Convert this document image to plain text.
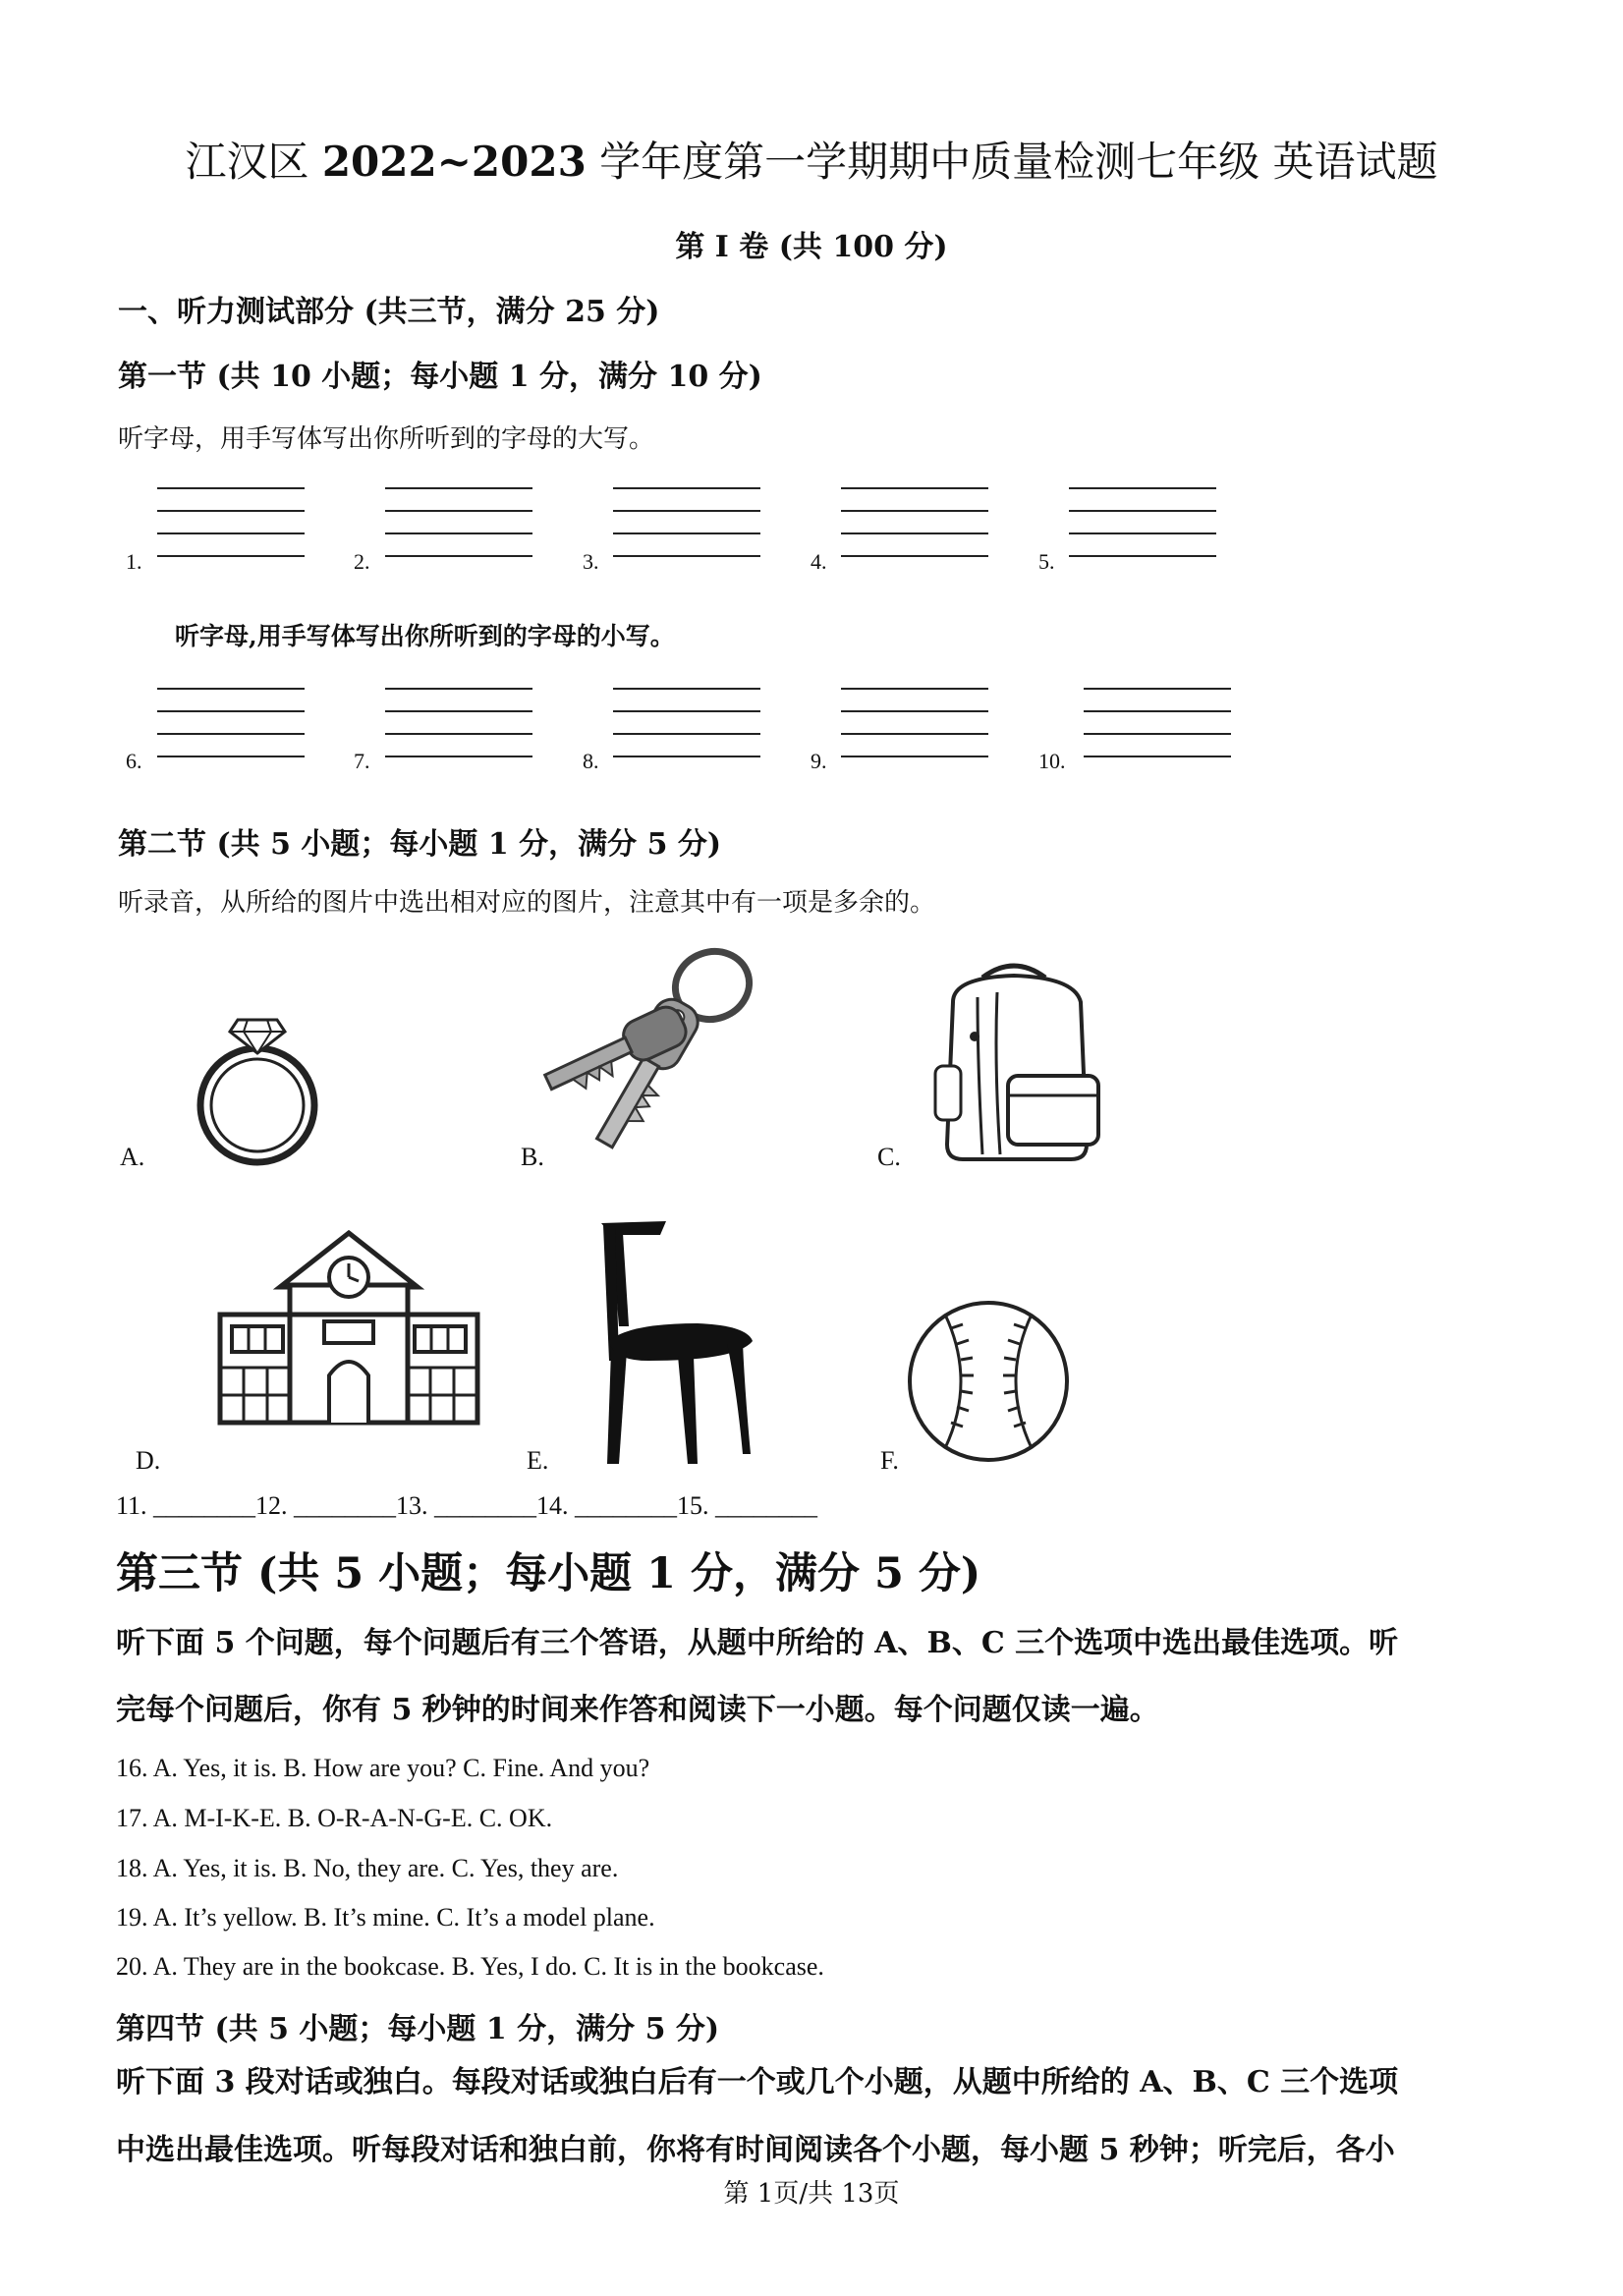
江汉区 2022~2023 学年度第一学期期中质量检测七年级 英语试题
第 I 卷 (共 100 分)
一、听力测试部分 (共三节，满分 25 分)
第一节 (共 10 小题；每小题 1 分，满分 10 分)
听字母，用手写体写出你所听到的字母的大写。
1.	2.	3.	4.	5.
听字母,用手写体写出你所听到的字母的小写。
6.	7.	8.	9.	10.
第二节 (共 5 小题；每小题 1 分，满分 5 分)
听录音，从所给的图片中选出相对应的图片，注意其中有一项是多余的。
A.	B.	C.
D.	E.	F.
11. ________12. ________13. ________14. ________15. ________
第三节 (共 5 小题；每小题 1 分，满分 5 分)
听下面 5 个问题，每个问题后有三个答语，从题中所给的 A、B、C 三个选项中选出最佳选项。听
完每个问题后，你有 5 秒钟的时间来作答和阅读下一小题。每个问题仅读一遍。
16. A. Yes, it is. B. How are you? C. Fine. And you?
17. A. M-I-K-E. B. O-R-A-N-G-E. C. OK.
18. A. Yes, it is. B. No, they are. C. Yes, they are.
19. A. It’s yellow. B. It’s mine. C. It’s a model plane.
20. A. They are in the bookcase. B. Yes, I do. C. It is in the bookcase.
第四节 (共 5 小题；每小题 1 分，满分 5 分)
听下面 3 段对话或独白。每段对话或独白后有一个或几个小题，从题中所给的 A、B、C 三个选项
中选出最佳选项。听每段对话和独白前，你将有时间阅读各个小题，每小题 5 秒钟；听完后，各小
第 1页/共 13页
